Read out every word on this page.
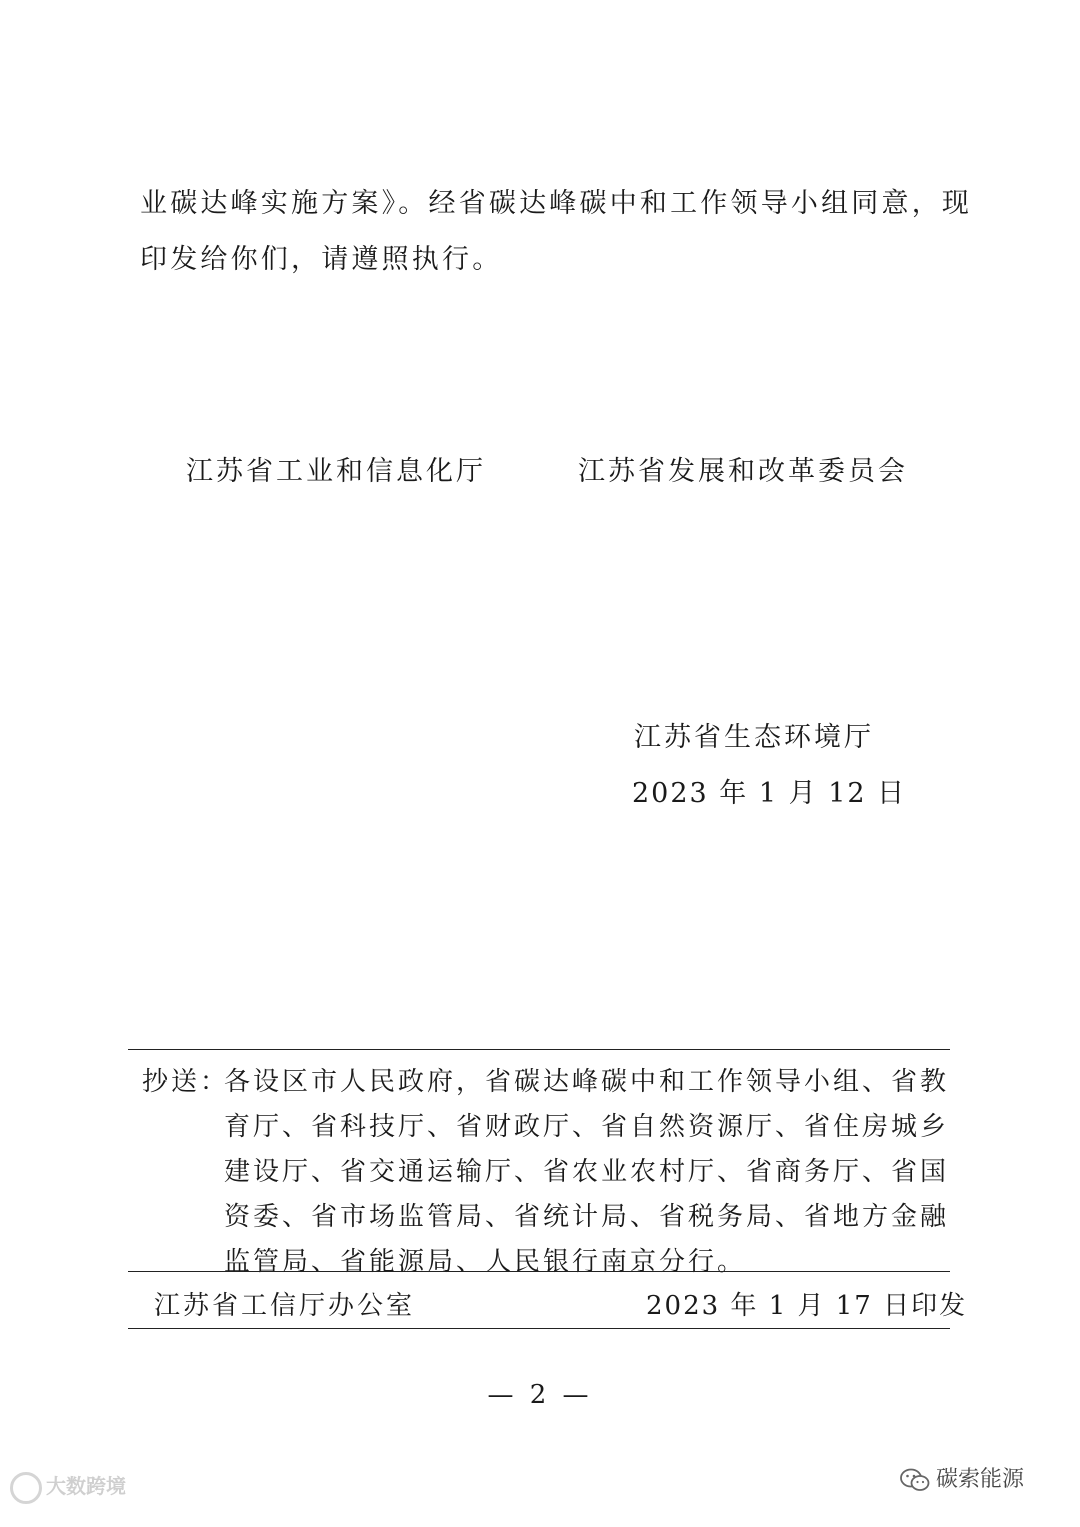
业碳达峰实施方案》。经省碳达峰碳中和工作领导小组同意，现
印发给你们，请遵照执行。
江苏省工业和信息化厅	江苏省发展和改革委员会
江苏省生态环境厅
2023 年 1 月 12 日
抄送：
各设区市人民政府，省碳达峰碳中和工作领导小组、省教
育厅、省科技厅、省财政厅、省自然资源厅、省住房城乡
建设厅、省交通运输厅、省农业农村厅、省商务厅、省国
资委、省市场监管局、省统计局、省税务局、省地方金融
监管局、省能源局、人民银行南京分行。
江苏省工信厅办公室	2023 年 1 月 17 日印发
— 2 —
大数跨境	碳索能源
